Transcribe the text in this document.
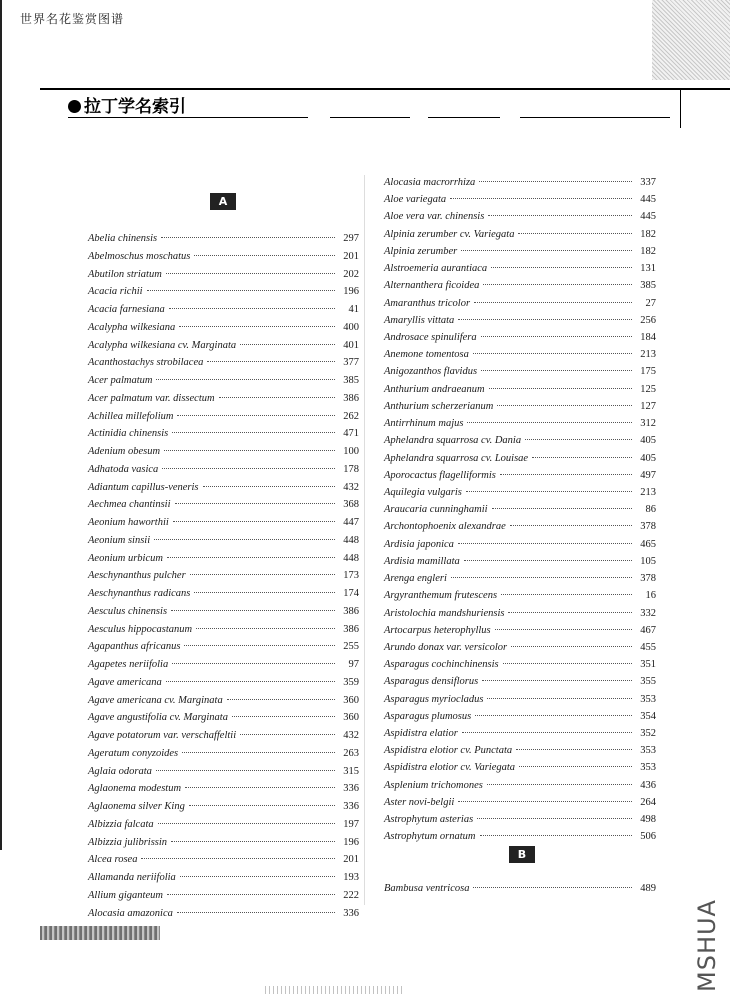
世界名花鉴赏图谱
拉丁学名索引
A
B
Abelia chinensis	297
Abelmoschus moschatus	201
Abutilon striatum	202
Acacia richii	196
Acacia farnesiana	41
Acalypha wilkesiana	400
Acalypha wilkesiana cv. Marginata	401
Acanthostachys strobilacea	377
Acer palmatum	385
Acer palmatum var. dissectum	386
Achillea millefolium	262
Actinidia chinensis	471
Adenium obesum	100
Adhatoda vasica	178
Adiantum capillus-veneris	432
Aechmea chantinsii	368
Aeonium haworthii	447
Aeonium sinsii	448
Aeonium urbicum	448
Aeschynanthus pulcher	173
Aeschynanthus radicans	174
Aesculus chinensis	386
Aesculus hippocastanum	386
Agapanthus africanus	255
Agapetes neriifolia	97
Agave americana	359
Agave americana cv. Marginata	360
Agave angustifolia cv. Marginata	360
Agave potatorum var. verschaffeltii	432
Ageratum conyzoides	263
Aglaia odorata	315
Aglaonema modestum	336
Aglaonema silver King	336
Albizzia falcata	197
Albizzia julibrissin	196
Alcea rosea	201
Allamanda neriifolia	193
Allium giganteum	222
Alocasia amazonica	336
Alocasia macrorrhiza	337
Aloe variegata	445
Aloe vera var. chinensis	445
Alpinia zerumber cv. Variegata	182
Alpinia zerumber	182
Alstroemeria aurantiaca	131
Alternanthera ficoidea	385
Amaranthus tricolor	27
Amaryllis vittata	256
Androsace spinulifera	184
Anemone tomentosa	213
Anigozanthos flavidus	175
Anthurium andraeanum	125
Anthurium scherzerianum	127
Antirrhinum majus	312
Aphelandra squarrosa cv. Dania	405
Aphelandra squarrosa cv. Louisae	405
Aporocactus flagelliformis	497
Aquilegia vulgaris	213
Araucaria cunninghamii	86
Archontophoenix alexandrae	378
Ardisia japonica	465
Ardisia mamillata	105
Arenga engleri	378
Argyranthemum frutescens	16
Aristolochia mandshuriensis	332
Artocarpus heterophyllus	467
Arundo donax var. versicolor	455
Asparagus cochinchinensis	351
Asparagus densiflorus	355
Asparagus myriocladus	353
Asparagus plumosus	354
Aspidistra elatior	352
Aspidistra elotior cv. Punctata	353
Aspidistra elotior cv. Variegata	353
Asplenium trichomones	436
Aster novi-belgii	264
Astrophytum asterias	498
Astrophytum ornatum	506
Bambusa ventricosa	489
MSHUA
